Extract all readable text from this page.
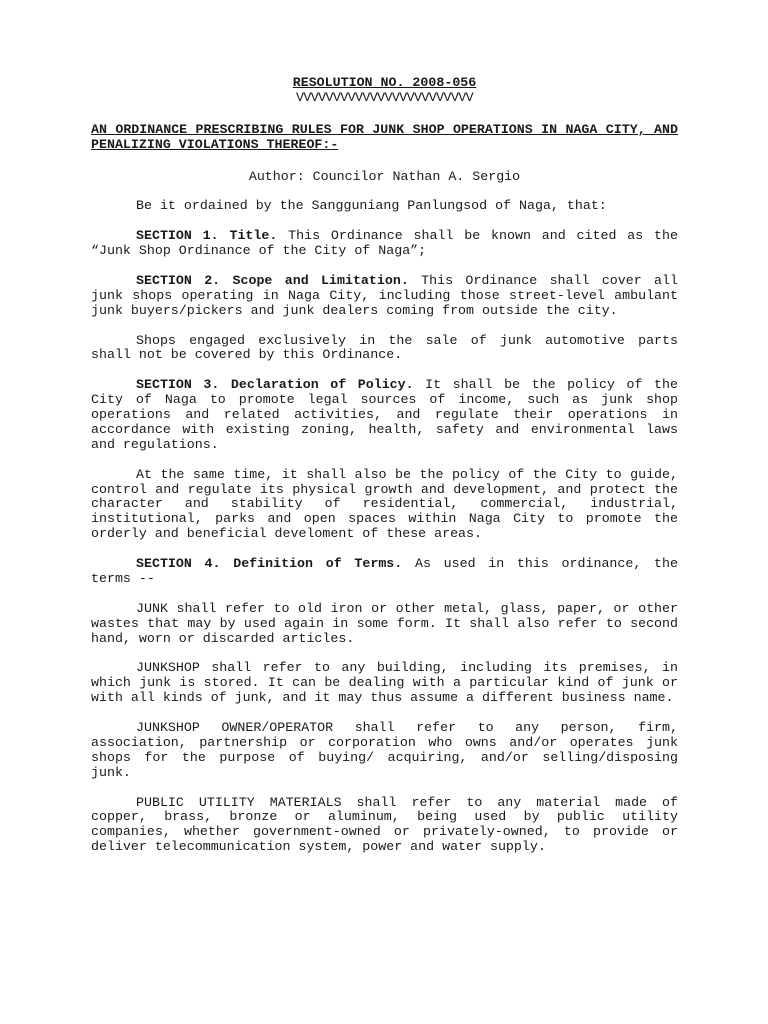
RESOLUTION NO. 2008-056
VVVVVVVVVVVVVVVVVVVVVVVV
AN ORDINANCE PRESCRIBING RULES FOR JUNK SHOP OPERATIONS IN NAGA CITY, AND PENALIZING VIOLATIONS THEREOF:-
Author: Councilor Nathan A. Sergio

Be it ordained by the Sangguniang Panlungsod of Naga, that:

SECTION 1. Title. This Ordinance shall be known and cited as the “Junk Shop Ordinance of the City of Naga”;

SECTION 2. Scope and Limitation. This Ordinance shall cover all junk shops operating in Naga City, including those street-level ambulant junk buyers/pickers and junk dealers coming from outside the city.

Shops engaged exclusively in the sale of junk automotive parts shall not be covered by this Ordinance.

SECTION 3. Declaration of Policy. It shall be the policy of the City of Naga to promote legal sources of income, such as junk shop operations and related activities, and regulate their operations in accordance with existing zoning, health, safety and environmental laws and regulations.

At the same time, it shall also be the policy of the City to guide, control and regulate its physical growth and development, and protect the character and stability of residential, commercial, industrial, institutional, parks and open spaces within Naga City to promote the orderly and beneficial develoment of these areas.

SECTION 4. Definition of Terms. As used in this ordinance, the terms --

JUNK shall refer to old iron or other metal, glass, paper, or other wastes that may by used again in some form. It shall also refer to second hand, worn or discarded articles.

JUNKSHOP shall refer to any building, including its premises, in which junk is stored. It can be dealing with a particular kind of junk or with all kinds of junk, and it may thus assume a different business name.

JUNKSHOP OWNER/OPERATOR shall refer to any person, firm, association, partnership or corporation who owns and/or operates junk shops for the purpose of buying/ acquiring, and/or selling/disposing junk.

PUBLIC UTILITY MATERIALS shall refer to any material made of copper, brass, bronze or aluminum, being used by public utility companies, whether government-owned or privately-owned, to provide or deliver telecommunication system, power and water supply.
